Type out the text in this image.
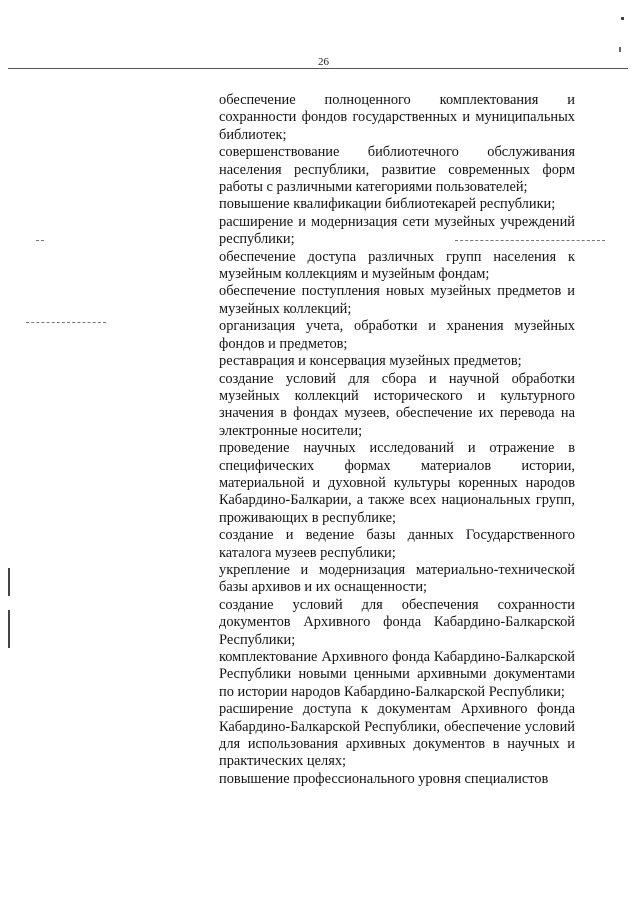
26

обеспечение полноценного комплектования и сохранности фондов государственных и муниципальных библиотек;

совершенствование библиотечного обслуживания населения республики, развитие современных форм работы с различными категориями пользователей;

повышение квалификации библиотекарей республики;

расширение и модернизация сети музейных учреждений республики;

обеспечение доступа различных групп населения к музейным коллекциям и музейным фондам;

обеспечение поступления новых музейных предметов и музейных коллекций;

организация учета, обработки и хранения музейных фондов и предметов;

реставрация и консервация музейных предметов;

создание условий для сбора и научной обработки музейных коллекций исторического и культурного значения в фондах музеев, обеспечение их перевода на электронные носители;

проведение научных исследований и отражение в специфических формах материалов истории, материальной и духовной культуры коренных народов Кабардино-Балкарии, а также всех национальных групп, проживающих в республике;

создание и ведение базы данных Государственного каталога музеев республики;

укрепление и модернизация материально-технической базы архивов и их оснащенности;

создание условий для обеспечения сохранности документов Архивного фонда Кабардино-Балкарской Республики;

комплектование Архивного фонда Кабардино-Балкарской Республики новыми ценными архивными документами по истории народов Кабардино-Балкарской Республики;

расширение доступа к документам Архивного фонда Кабардино-Балкарской Республики, обеспечение условий для использования архивных документов в научных и практических целях;

повышение профессионального уровня специалистов
